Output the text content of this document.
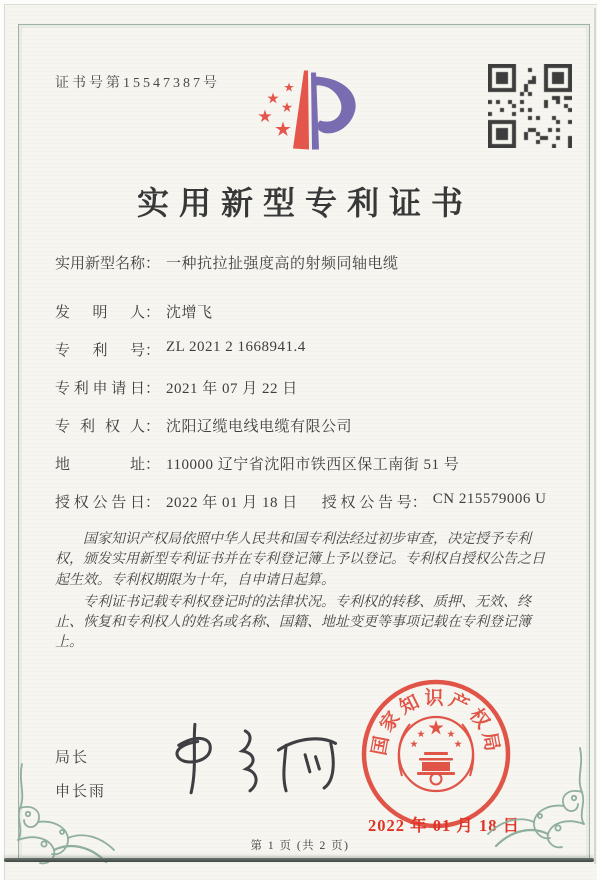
证书号第15547387号
实用新型专利证书
实用新型名称： 一种抗拉扯强度高的射频同轴电缆
发明人： 沈增飞
专利号： ZL 2021 2 1668941.4
专利申请日： 2021 年 07 月 22 日
专利权人： 沈阳辽缆电线电缆有限公司
地址： 110000 辽宁省沈阳市铁西区保工南街 51 号
授权公告日： 2022 年 01 月 18 日 授权公告号： CN 215579006 U

国家知识产权局依照中华人民共和国专利法经过初步审查，决定授予专利权，颁发实用新型专利证书并在专利登记簿上予以登记。专利权自授权公告之日起生效。专利权期限为十年，自申请日起算。

专利证书记载专利权登记时的法律状况。专利权的转移、质押、无效、终止、恢复和专利权人的姓名或名称、国籍、地址变更等事项记载在专利登记簿上。

局长
申长雨
国家知识产权局
2022 年 01 月 18 日
第 1 页 (共 2 页)
